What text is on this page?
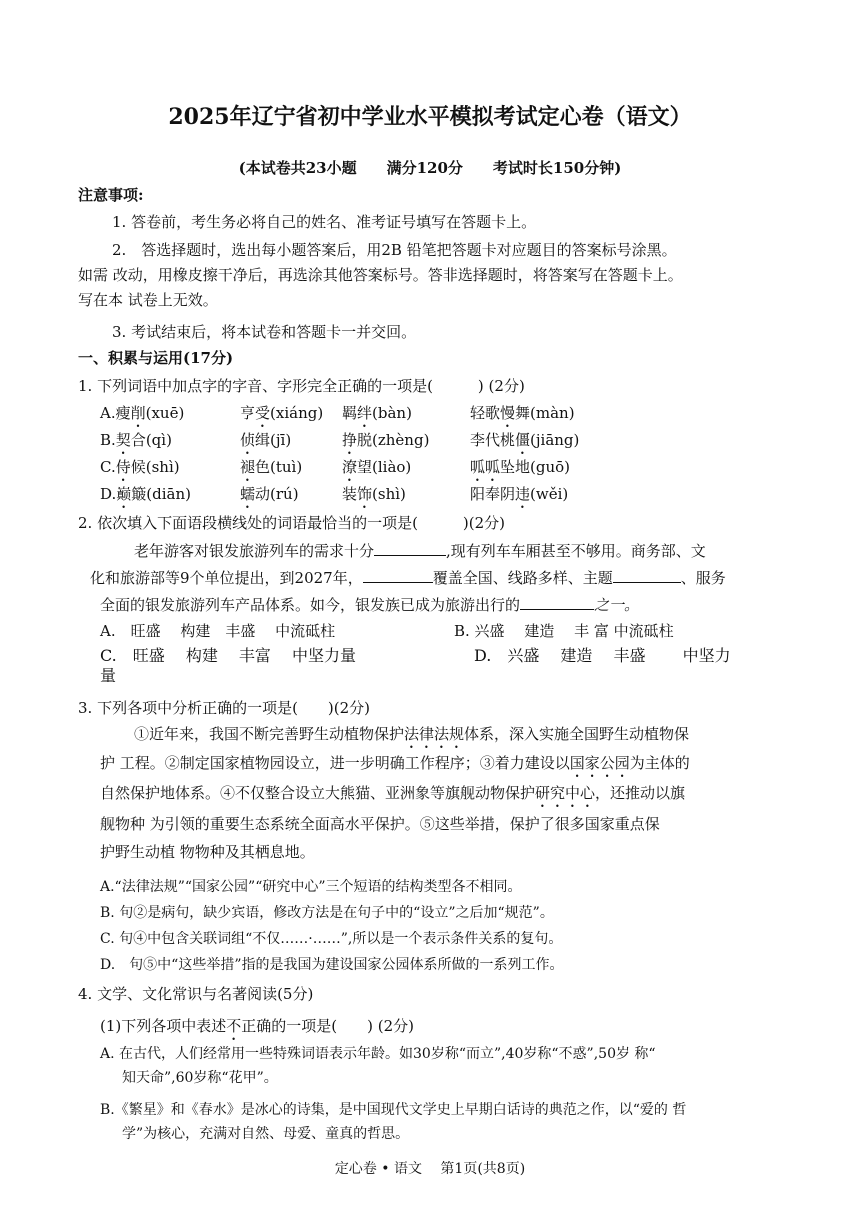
2025年辽宁省初中学业水平模拟考试定心卷（语文）
(本试卷共23小题　　满分120分　　考试时长150分钟)
注意事项:
1. 答卷前，考生务必将自己的姓名、准考证号填写在答题卡上。
2.　答选择题时，选出每小题答案后，用2B 铅笔把答题卡对应题目的答案标号涂黑。
如需 改动，用橡皮擦干净后，再选涂其他答案标号。答非选择题时，将答案写在答题卡上。
写在本 试卷上无效。
3. 考试结束后，将本试卷和答题卡一并交回。
一、积累与运用(17分)
1. 下列词语中加点字的字音、字形完全正确的一项是(　　　) (2分)
A.瘦削(xuē)	亨受(xiáng) 羁绊(bàn)	轻歌慢舞(màn)
B.契合(qì)	侦缉(jī)	挣脱(zhèng)	李代桃僵(jiāng)
C.侍候(shì)	褪色(tuì)	潦望(liào)	呱呱坠地(guō)
D.巅簸(diān)	蠕动(rú)	装饰(shì)	阳奉阴违(wěi)
2. 依次填入下面语段横线处的词语最恰当的一项是(　　　)(2分)
老年游客对银发旅游列车的需求十分	,现有列车车厢甚至不够用。商务部、文
化和旅游部等9个单位提出，到2027年，	覆盖全国、线路多样、主题	、服务
全面的银发旅游列车产品体系。如今，银发族已成为旅游出行的	之一。
A.　旺盛　 构建　丰盛　 中流砥柱	B. 兴盛　 建造　 丰 富 中流砥柱
C.　旺盛　 构建　 丰富　 中坚力量	D.　兴盛　 建造　 丰盛　　 中坚力
量
3. 下列各项中分析正确的一项是(　　)(2分)
①近年来，我国不断完善野生动植物保护法律法规体系，深入实施全国野生动植物保
护 工程。②制定国家植物园设立，进一步明确工作程序；③着力建设以国家公园为主体的
自然保护地体系。④不仅整合设立大熊猫、亚洲象等旗舰动物保护研究中心，还推动以旗
舰物种 为引领的重要生态系统全面高水平保护。⑤这些举措，保护了很多国家重点保
护野生动植 物物种及其栖息地。
A.“法律法规”“国家公园”“研究中心”三个短语的结构类型各不相同。
B. 句②是病句，缺少宾语，修改方法是在句子中的“设立”之后加“规范”。
C. 句④中包含关联词组“不仅……·……”,所以是一个表示条件关系的复句。
D.　句⑤中“这些举措”指的是我国为建设国家公园体系所做的一系列工作。
4. 文学、文化常识与名著阅读(5分)
(1)下列各项中表述不正确的一项是(　　) (2分)
A. 在古代，人们经常用一些特殊词语表示年龄。如30岁称“而立”,40岁称“不惑”,50岁 称“
知天命”,60岁称“花甲”。
B.《繁星》和《春水》是冰心的诗集，是中国现代文学史上早期白话诗的典范之作，以“爱的 哲
学”为核心，充满对自然、母爱、童真的哲思。
定心卷 • 语文　 第1页(共8页)
